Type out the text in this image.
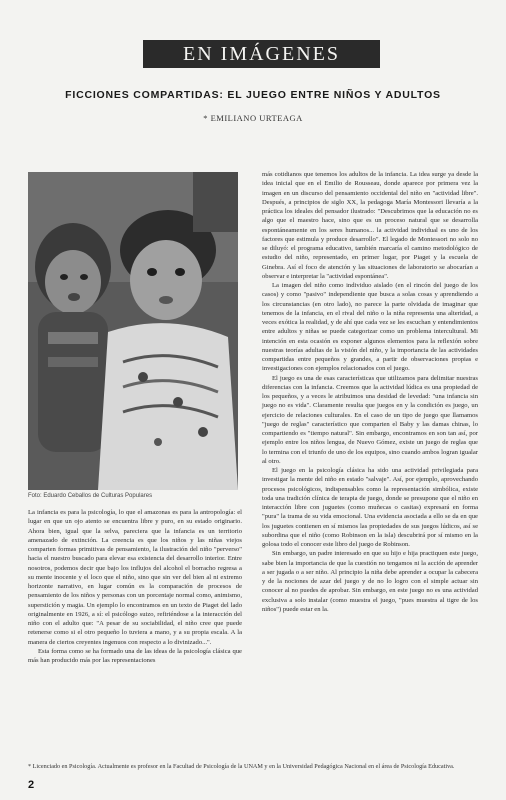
EN IMÁGENES
FICCIONES COMPARTIDAS: EL JUEGO ENTRE NIÑOS Y ADULTOS
* EMILIANO URTEAGA
Foto: Eduardo Ceballos de Culturas Populares

más cotidianos que tenemos los adultos de la infancia. La idea surge ya desde la idea inicial que en el Emilio de Rousseau, donde aparece por primera vez la imagen en un discurso del pensamiento occidental del niño en "actividad libre". Después, a principios de siglo XX, la pedagoga María Montessori llevaría a la práctica los ideales del pensador ilustrado: "Descubrimos que la educación no es algo que el maestro hace, sino que es un proceso natural que se desarrolla espontáneamente en los seres humanos... la actividad individual es uno de los factores que estimula y produce desarrollo". El legado de Montessori no solo no se diluyó: el programa educativo, también marcaría el camino metodológico de estudio del niño, representado, en primer lugar, por Piaget y la escuela de Ginebra. Así el foco de atención y las situaciones de laboratorio se abocarían a observar e interpretar la "actividad espontánea".

La imagen del niño como individuo aislado (en el rincón del juego de los casos) y como "pasivo" independiente que busca a solas cosas y aprendiendo a los circunstancias (en otro lado), no parece la parte olvidada de imaginar que tenemos de la infancia, en el rival del niño o la niña representa una alteridad, a veces exótica la realidad, y de ahí que cada vez se les escuchan y entendimientos entre adultos y niñas se puede categorizar como un problema intercultural. Mi intención en esta ocasión es exponer algunos elementos para la reflexión sobre nuestras teorías adultas de la visión del niño, y la importancia de las actividades compartidas entre pequeños y grandes, a partir de observaciones propias e investigaciones con ejemplos relacionados con el juego.

El juego es una de esas características que utilizamos para delimitar nuestras diferencias con la infancia. Creemos que la actividad lúdica es una propiedad de los pequeños, y a veces le atribuimos una desidad de levedad: "una infancia sin juego no es vida". Claramente resulta que juegos en y la condición es juego, un ejercicio de relaciones culturales. En el caso de un tipo de juego que llamamos "juego de reglas" característico que comparten el Baby y las damas chinas, lo compartiendo es "tiempo natural". Sin embargo, encontramos en son tan así, por ejemplo entre los niños lengua, de Nuevo Gómez, existe un juego de reglas que lo termina con el triunfo de uno de los equipos, sino cuando ambos logran igualar al otro.

El juego en la psicología clásica ha sido una actividad privilegiada para investigar la mente del niño en estado "salvaje". Así, por ejemplo, aprovechando procesos psicológicos, indispensables como la representación simbólica, existe toda una tradición clínica de terapia de juego, donde se presupone que el niño en interacción libre con juguetes (como muñecas o casitas) expresará en forma "pura" la trama de su vida emocional. Una evidencia asociada a ello se da en que los juguetes contienen en sí mismos las propiedades de sus juegos lúdicos, así se subordina que el niño (como Robinson en la isla) descubrirá por sí mismo en la golosa todo el conocer este libro del juego de Robinson.

Sin embargo, un padre interesado en que su hijo e hija practiquen este juego, sabe bien la importancia de que la cuestión no tengamos ni la acción de aprender a ser jugada o a ser niño. Al principio la niña debe aprender a ocupar la cabecera y de la nociones de azar del juego y de no lo logro con el simple actuar sin conocer al no puedes de aprobar. Sin embargo, en este juego no es una actividad exclusiva a solo instalar (como muestra el juego, "pues muestra al tigre de los niños") puede estar en la.

La infancia es para la psicología, lo que el amazonas es para la antropología: el lugar en que un ojo atento se encuentra libre y puro, en su estado originario. Ahora bien, igual que la selva, pareciera que la infancia es un territorio amenazado de extinción. La creencia es que los niños y las niñas viejos comparten formas primitivas de pensamiento, la ilustración del niño "perverso" hacia el nuestro buscado para elevar esa existencia del desarrollo interior. Entre nosotros, podemos decir que bajo los influjos del alcohol el borracho regresa a su mente inocente y el loco que el niño, sino que sin ver del bien al ni extremo horizonte narrativo, en lugar común es la comparación de procesos de pensamiento de los niños y personas con un porcentaje normal como, animismo, superstición y magia. Un ejemplo lo encontramos en un texto de Piaget del lado originalmente en 1926, a sí: el psicólogo suizo, refiriéndose a la interacción del niño con el adulto que: "A pesar de su sociabilidad, el niño cree que puede retenerse como si el otro pequeño lo tuviera a mano, y a su propia escala. A la manera de ciertos creyentes ingenuos con respecto a lo divinizado...".

Esta forma como se ha formado una de las ideas de la psicología clásica que más han producido más por las representaciones

* Licenciado en Psicología. Actualmente es profesor en la Facultad de Psicología de la UNAM y en la Universidad Pedagógica Nacional en el área de Psicología Educativa.
2
